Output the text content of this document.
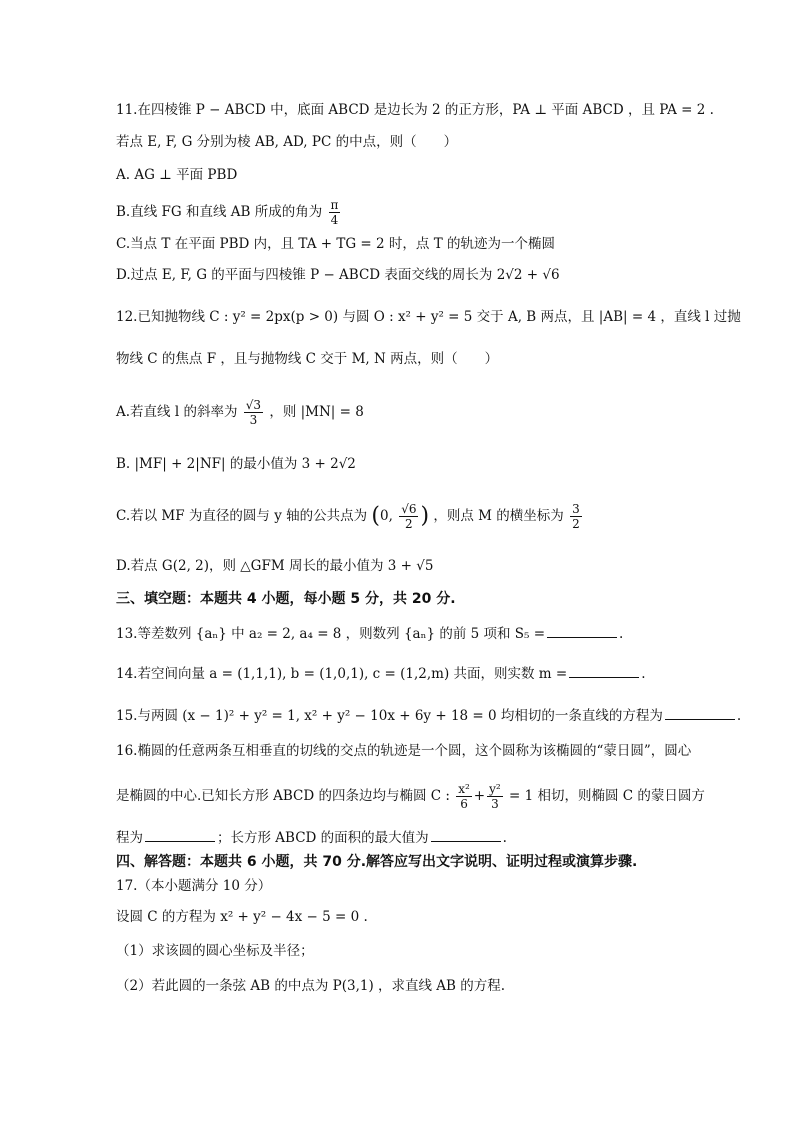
11.在四棱锥 P − ABCD 中，底面 ABCD 是边长为 2 的正方形，PA ⊥ 平面 ABCD ，且 PA = 2 .
若点 E, F, G 分别为棱 AB, AD, PC 的中点，则（　　）
A. AG ⊥ 平面 PBD
B.直线 FG 和直线 AB 所成的角为 $\frac{\pi}{4}$
C.当点 T 在平面 PBD 内，且 TA + TG = 2 时，点 T 的轨迹为一个椭圆
D.过点 E, F, G 的平面与四棱锥 P − ABCD 表面交线的周长为 2√2 + √6
12.已知抛物线 C : y² = 2px(p > 0) 与圆 O : x² + y² = 5 交于 A, B 两点，且 |AB| = 4 ，直线 l 过抛
物线 C 的焦点 F ，且与抛物线 C 交于 M, N 两点，则（　　）
A.若直线 l 的斜率为 $\frac{√3}{3}$ ，则 |MN| = 8
B. |MF| + 2|NF| 的最小值为 3 + 2√2
C.若以 MF 为直径的圆与 y 轴的公共点为 (0, $\frac{√6}{2}$ ) ，则点 M 的横坐标为 $\frac{3}{2}$
D.若点 G(2, 2)，则 △GFM 周长的最小值为 3 + √5
三、填空题：本题共 4 小题，每小题 5 分，共 20 分.
13.等差数列 {aₙ} 中 a₂ = 2, a₄ = 8 ，则数列 {aₙ} 的前 5 项和 S₅ =	.
14.若空间向量 a = (1,1,1), b = (1,0,1), c = (1,2,m) 共面，则实数 m =	.
15.与两圆 (x − 1)² + y² = 1, x² + y² − 10x + 6y + 18 = 0 均相切的一条直线的方程为	.
16.椭圆的任意两条互相垂直的切线的交点的轨迹是一个圆，这个圆称为该椭圆的“蒙日圆”，圆心
是椭圆的中心.已知长方形 ABCD 的四条边均与椭圆 C : $\frac{\text{x²}}{6} + \frac{\text{y²}}{3} = 1$ 相切，则椭圆 C 的蒙日圆方
程为	；长方形 ABCD 的面积的最大值为	.
四、解答题：本题共 6 小题，共 70 分.解答应写出文字说明、证明过程或演算步骤.
17.（本小题满分 10 分）
设圆 C 的方程为 x² + y² − 4x − 5 = 0 .
（1）求该圆的圆心坐标及半径；
（2）若此圆的一条弦 AB 的中点为 P(3,1) ，求直线 AB 的方程.
